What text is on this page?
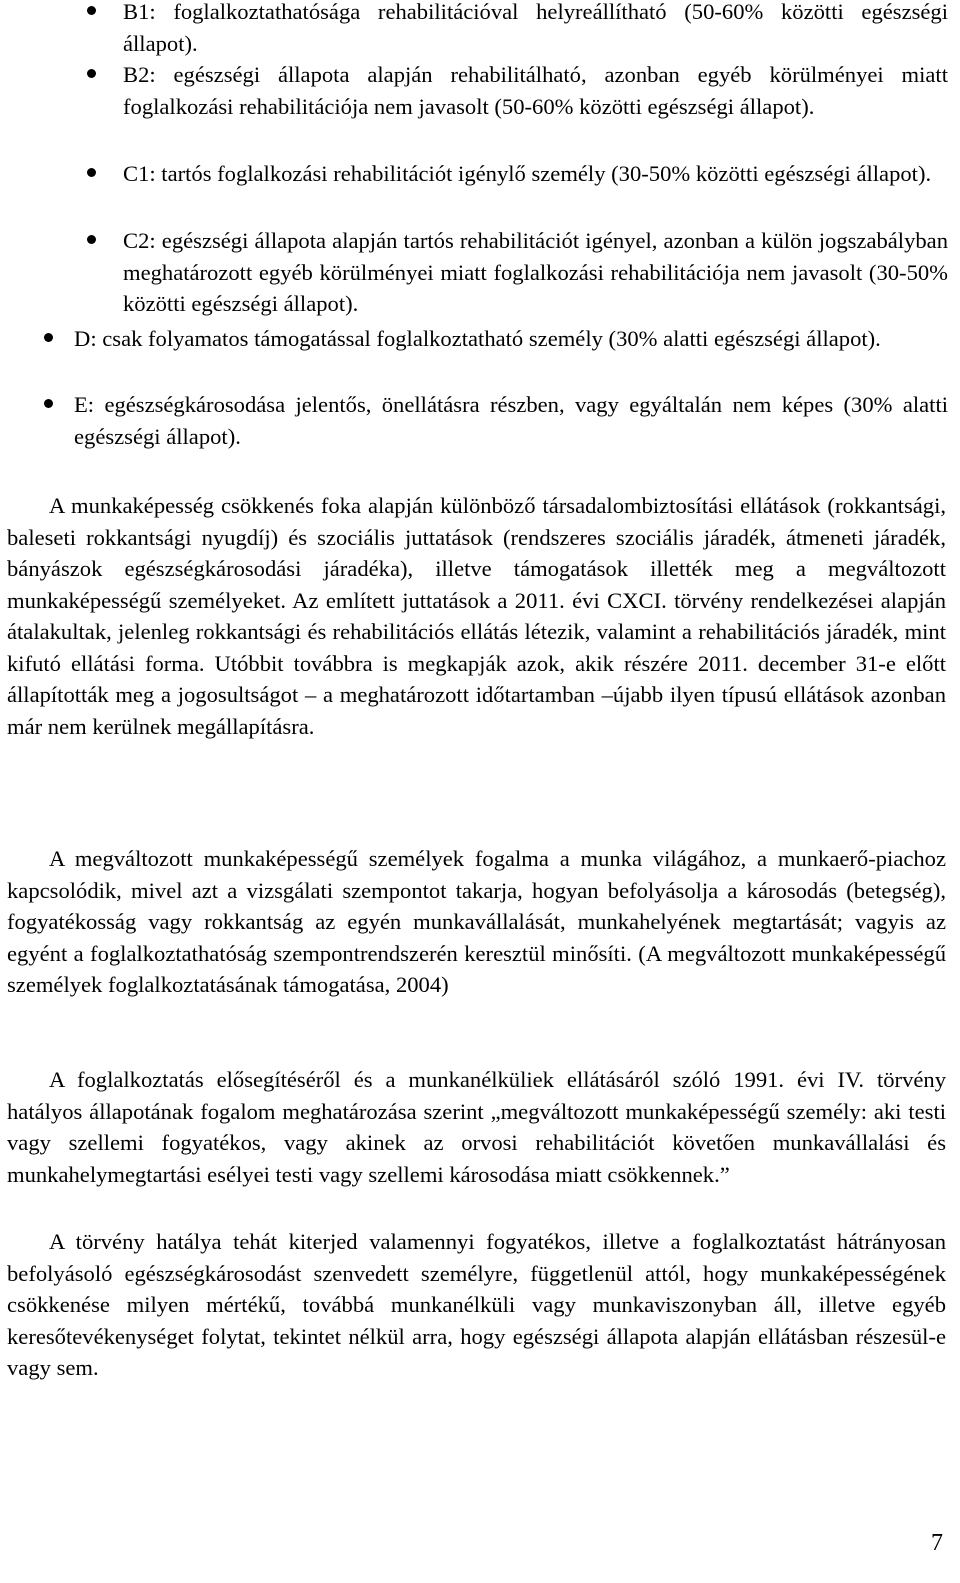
B1: foglalkoztathatósága rehabilitációval helyreállítható (50-60% közötti egészségi állapot).
B2: egészségi állapota alapján rehabilitálható, azonban egyéb körülményei miatt foglalkozási rehabilitációja nem javasolt (50-60% közötti egészségi állapot).
C1: tartós foglalkozási rehabilitációt igénylő személy (30-50% közötti egészségi állapot).
C2: egészségi állapota alapján tartós rehabilitációt igényel, azonban a külön jogszabályban meghatározott egyéb körülményei miatt foglalkozási rehabilitációja nem javasolt (30-50% közötti egészségi állapot).
D: csak folyamatos támogatással foglalkoztatható személy (30% alatti egészségi állapot).
E: egészségkárosodása jelentős, önellátásra részben, vagy egyáltalán nem képes (30% alatti egészségi állapot).

A munkaképesség csökkenés foka alapján különböző társadalombiztosítási ellátások (rokkantsági, baleseti rokkantsági nyugdíj) és szociális juttatások (rendszeres szociális járadék, átmeneti járadék, bányászok egészségkárosodási járadéka), illetve támogatások illették meg a megváltozott munkaképességű személyeket. Az említett juttatások a 2011. évi CXCI. törvény rendelkezései alapján átalakultak, jelenleg rokkantsági és rehabilitációs ellátás létezik, valamint a rehabilitációs járadék, mint kifutó ellátási forma. Utóbbit továbbra is megkapják azok, akik részére 2011. december 31-e előtt állapították meg a jogosultságot – a meghatározott időtartamban –újabb ilyen típusú ellátások azonban már nem kerülnek megállapításra.

A megváltozott munkaképességű személyek fogalma a munka világához, a munkaerő-piachoz kapcsolódik, mivel azt a vizsgálati szempontot takarja, hogyan befolyásolja a károsodás (betegség), fogyatékosság vagy rokkantság az egyén munkavállalását, munkahelyének megtartását; vagyis az egyént a foglalkoztathatóság szempontrendszerén keresztül minősíti. (A megváltozott munkaképességű személyek foglalkoztatásának támogatása, 2004)

A foglalkoztatás elősegítéséről és a munkanélküliek ellátásáról szóló 1991. évi IV. törvény hatályos állapotának fogalom meghatározása szerint „megváltozott munkaképességű személy: aki testi vagy szellemi fogyatékos, vagy akinek az orvosi rehabilitációt követően munkavállalási és munkahelymegtartási esélyei testi vagy szellemi károsodása miatt csökkennek.”

A törvény hatálya tehát kiterjed valamennyi fogyatékos, illetve a foglalkoztatást hátrányosan befolyásoló egészségkárosodást szenvedett személyre, függetlenül attól, hogy munkaképességének csökkenése milyen mértékű, továbbá munkanélküli vagy munkaviszonyban áll, illetve egyéb keresőtevékenységet folytat, tekintet nélkül arra, hogy egészségi állapota alapján ellátásban részesül-e vagy sem.

7
